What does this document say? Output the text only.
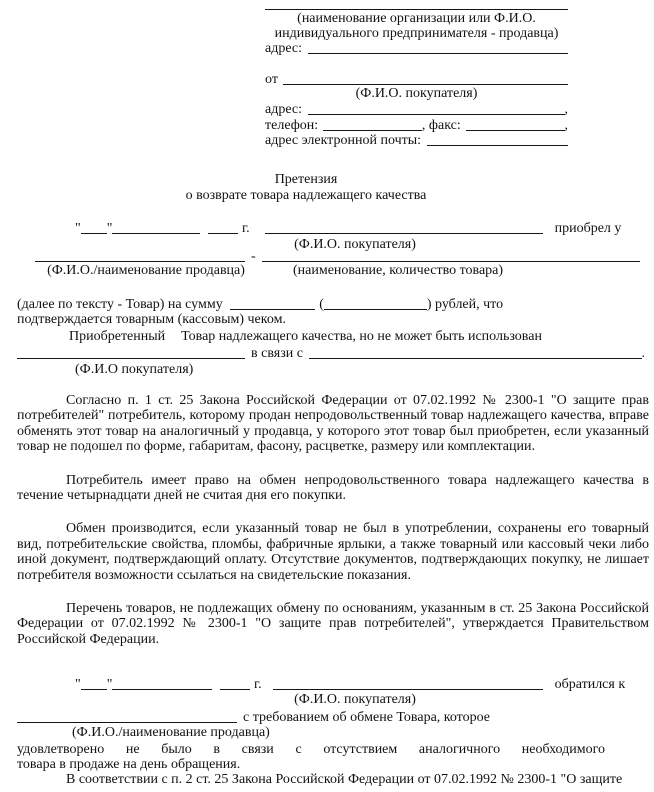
(наименование организации или Ф.И.О.
индивидуального предпринимателя - продавца)
адрес:
от
(Ф.И.О. покупателя)
адрес:	,
телефон:	, факс:	,
адрес электронной почты:
Претензия
о возврате товара надлежащего качества
" "	г.	приобрел у
(Ф.И.О. покупателя)
-
(Ф.И.О./наименование продавца)	(наименование, количество товара)
(далее по тексту - Товар) на сумму	(	) рублей, что
подтверждается товарным (кассовым) чеком.
Приобретенный Товар надлежащего качества, но не может быть использован
в связи с	.
(Ф.И.О покупателя)

Согласно п. 1 ст. 25 Закона Российской Федерации от 07.02.1992 № 2300-1 "О защите прав потребителей" потребитель, которому продан непродовольственный товар надлежащего качества, вправе обменять этот товар на аналогичный у продавца, у которого этот товар был приобретен, если указанный товар не подошел по форме, габаритам, фасону, расцветке, размеру или комплектации.

Потребитель имеет право на обмен непродовольственного товара надлежащего качества в течение четырнадцати дней не считая дня его покупки.

Обмен производится, если указанный товар не был в употреблении, сохранены его товарный вид, потребительские свойства, пломбы, фабричные ярлыки, а также товарный или кассовый чеки либо иной документ, подтверждающий оплату. Отсутствие документов, подтверждающих покупку, не лишает потребителя возможности ссылаться на свидетельские показания.

Перечень товаров, не подлежащих обмену по основаниям, указанным в ст. 25 Закона Российской Федерации от 07.02.1992 № 2300-1 "О защите прав потребителей", утверждается Правительством Российской Федерации.

" "	г.	обратился к
(Ф.И.О. покупателя)
с требованием об обмене Товара, которое
(Ф.И.О./наименование продавца)

удовлетворено не было в связи с отсутствием аналогичного необходимоготовара в продаже на день обращения.

В соответствии с п. 2 ст. 25 Закона Российской Федерации от 07.02.1992 № 2300-1 "О защите
